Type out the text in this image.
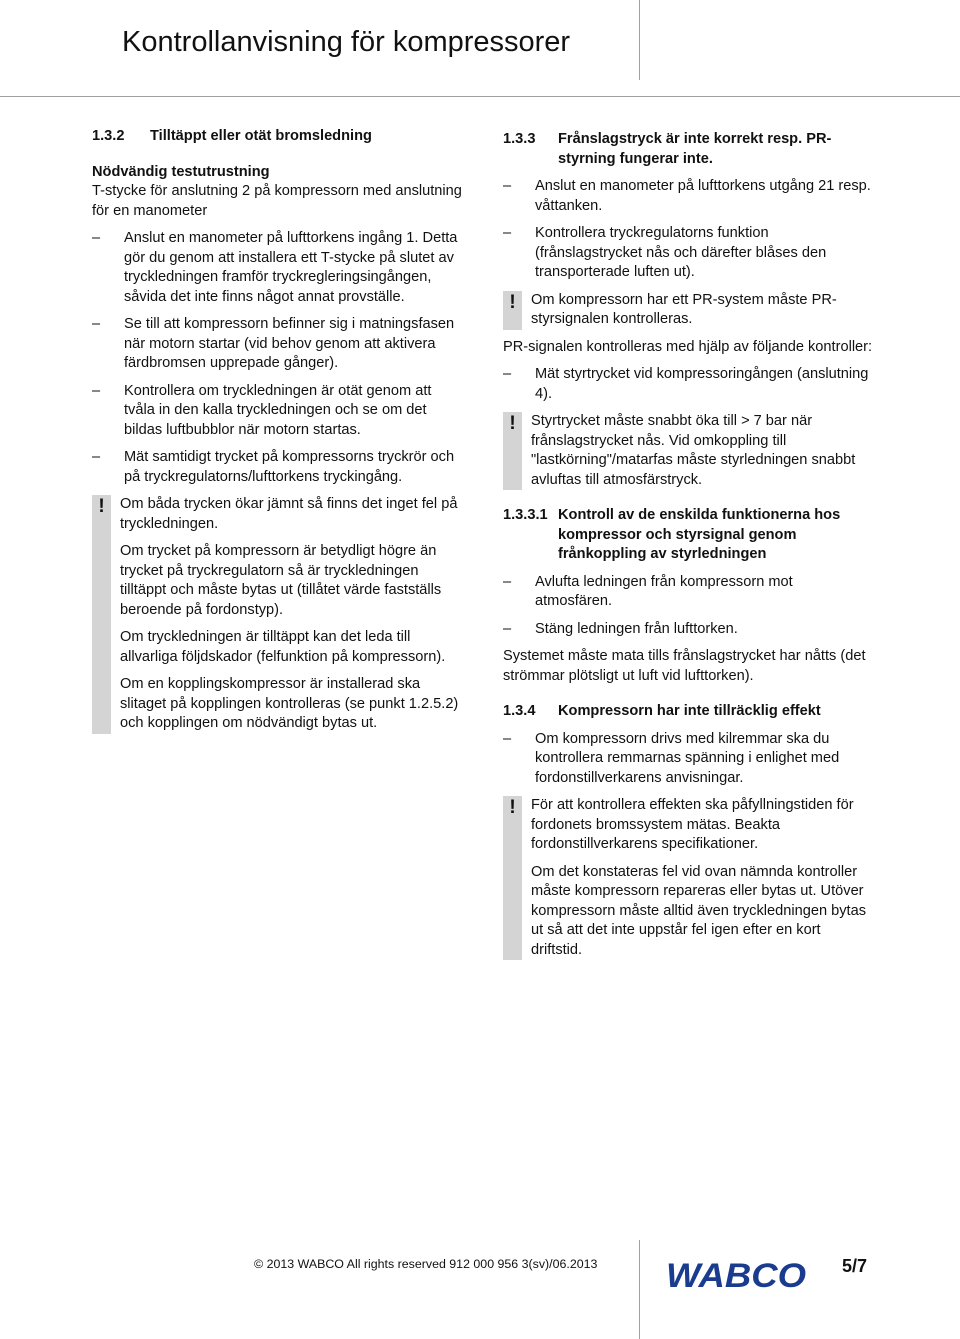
Kontrollanvisning för kompressorer
1.3.2	Tilltäppt eller otät bromsledning

Nödvändig testutrustning

T-stycke för anslutning 2 på kompressorn med anslutning för en manometer

–	Anslut en manometer på lufttorkens ingång 1. Detta gör du genom att installera ett T-stycke på slutet av tryckledningen framför tryckregleringsingången, såvida det inte finns något annat provställe.
–	Se till att kompressorn befinner sig i matningsfasen när motorn startar (vid behov genom att aktivera färdbromsen upprepade gånger).
–	Kontrollera om tryckledningen är otät genom att tvåla in den kalla tryckledningen och se om det bildas luftbubblor när motorn startas.
–	Mät samtidigt trycket på kompressorns tryckrör och på tryckregulatorns/lufttorkens tryckingång.
!	Om båda trycken ökar jämnt så finns det inget fel på tryckledningen.

Om trycket på kompressorn är betydligt högre än trycket på tryckregulatorn så är tryckledningen tilltäppt och måste bytas ut (tillåtet värde fastställs beroende på fordonstyp).

Om tryckledningen är tilltäppt kan det leda till allvarliga följdskador (felfunktion på kompressorn).

Om en kopplingskompressor är installerad ska slitaget på kopplingen kontrolleras (se punkt 1.2.5.2) och kopplingen om nödvändigt bytas ut.

1.3.3	Frånslagstryck är inte korrekt resp. PR-styrning fungerar inte.
–	Anslut en manometer på lufttorkens utgång 21 resp. våttanken.
–	Kontrollera tryckregulatorns funktion (frånslagstrycket nås och därefter blåses den transporterade luften ut).
!	Om kompressorn har ett PR-system måste PR-styrsignalen kontrolleras.

PR-signalen kontrolleras med hjälp av följande kontroller:

–	Mät styrtrycket vid kompressoringången (anslutning 4).
!	Styrtrycket måste snabbt öka till > 7 bar när frånslagstrycket nås. Vid omkoppling till "lastkörning"/matarfas måste styrledningen snabbt avluftas till atmosfärstryck.

1.3.3.1 Kontroll av de enskilda funktionerna hos kompressor och styrsignal genom frånkoppling av styrledningen
–	Avlufta ledningen från kompressorn mot atmosfären.
–	Stäng ledningen från lufttorken.

Systemet måste mata tills frånslagstrycket har nåtts (det strömmar plötsligt ut luft vid lufttorken).

1.3.4	Kompressorn har inte tillräcklig effekt
–	Om kompressorn drivs med kilremmar ska du kontrollera remmarnas spänning i enlighet med fordonstillverkarens anvisningar.
!	För att kontrollera effekten ska påfyllningstiden för fordonets bromssystem mätas. Beakta fordonstillverkarens specifikationer.

Om det konstateras fel vid ovan nämnda kontroller måste kompressorn repareras eller bytas ut. Utöver kompressorn måste alltid även tryckledningen bytas ut så att det inte uppstår fel igen efter en kort driftstid.

© 2013 WABCO All rights reserved 912 000 956 3(sv)/06.2013 WABCO 5/7
